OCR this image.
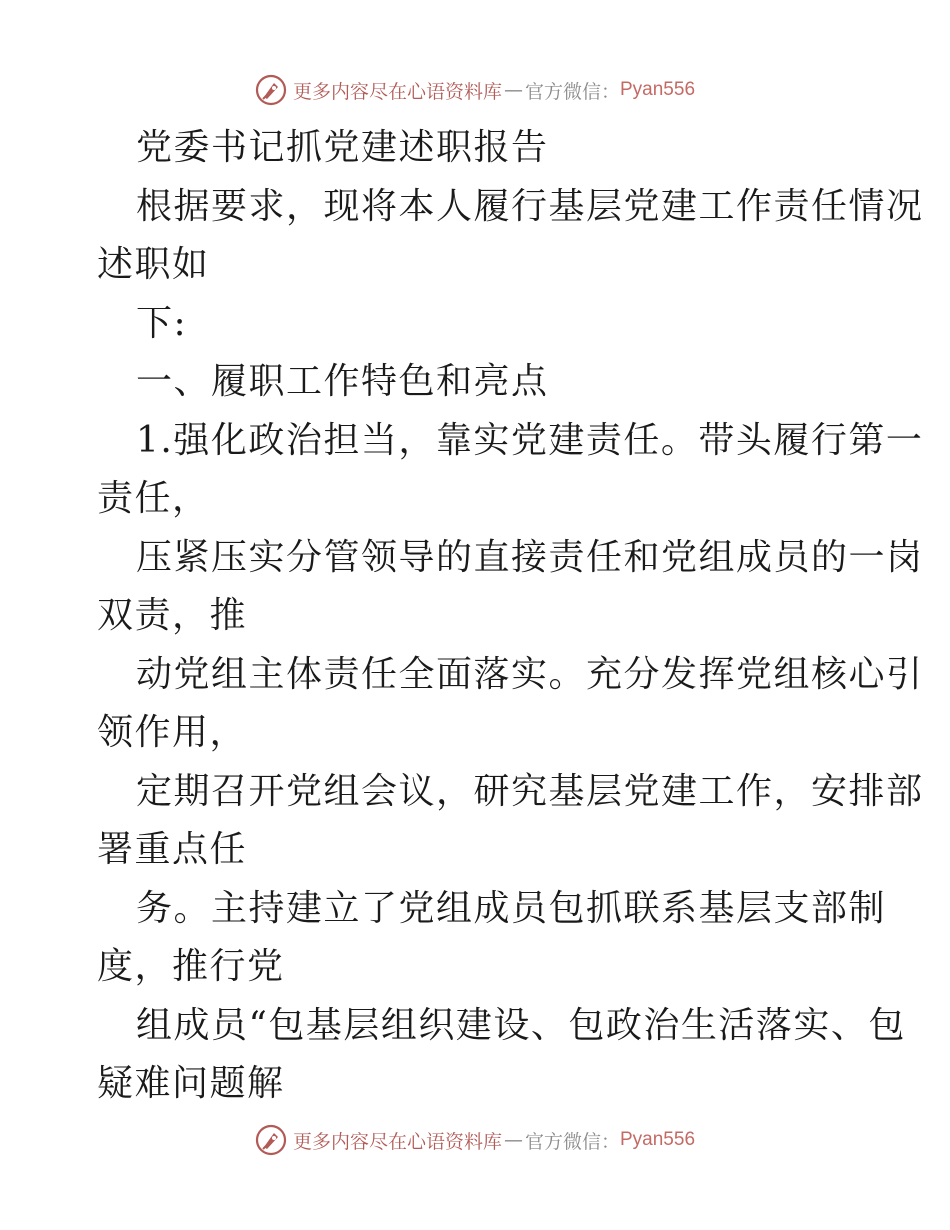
更多内容尽在心语资料库 — 官方微信： Pyan556
党委书记抓党建述职报告
根据要求，现将本人履行基层党建工作责任情况
述职如
下:
一、履职工作特色和亮点
1.强化政治担当，靠实党建责任。带头履行第一
责任，
压紧压实分管领导的直接责任和党组成员的一岗
双责，推
动党组主体责任全面落实。充分发挥党组核心引
领作用，
定期召开党组会议，研究基层党建工作，安排部
署重点任
务。主持建立了党组成员包抓联系基层支部制
度，推行党
组成员“包基层组织建设、包政治生活落实、包
疑难问题解
更多内容尽在心语资料库 — 官方微信： Pyan556
